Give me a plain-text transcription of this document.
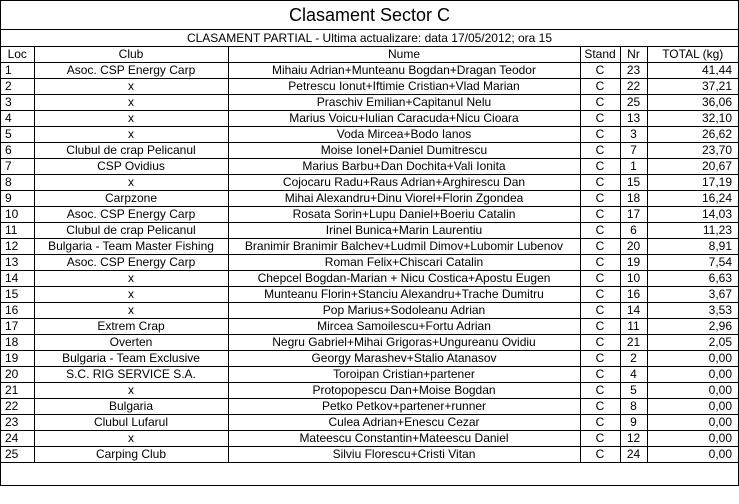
Clasament Sector C
CLASAMENT PARTIAL - Ultima actualizare: data 17/05/2012; ora 15
Loc	Club	Nume	Stand	Nr	TOTAL (kg)
1	Asoc. CSP Energy Carp	Mihaiu Adrian+Munteanu Bogdan+Dragan Teodor	C	23	41,44
2	x	Petrescu Ionut+Iftimie Cristian+Vlad Marian	C	22	37,21
3	x	Praschiv Emilian+Capitanul Nelu	C	25	36,06
4	x	Marius Voicu+Iulian Caracuda+Nicu Cioara	C	13	32,10
5	x	Voda Mircea+Bodo Ianos	C	3	26,62
6	Clubul de crap Pelicanul	Moise Ionel+Daniel Dumitrescu	C	7	23,70
7	CSP Ovidius	Marius Barbu+Dan Dochita+Vali Ionita	C	1	20,67
8	x	Cojocaru Radu+Raus Adrian+Arghirescu Dan	C	15	17,19
9	Carpzone	Mihai Alexandru+Dinu Viorel+Florin Zgondea	C	18	16,24
10	Asoc. CSP Energy Carp	Rosata Sorin+Lupu Daniel+Boeriu Catalin	C	17	14,03
11	Clubul de crap Pelicanul	Irinel Bunica+Marin Laurentiu	C	6	11,23
12	Bulgaria - Team Master Fishing	Branimir Branimir Balchev+Ludmil Dimov+Lubomir Lubenov	C	20	8,91
13	Asoc. CSP Energy Carp	Roman Felix+Chiscari Catalin	C	19	7,54
14	x	Chepcel Bogdan-Marian + Nicu Costica+Apostu Eugen	C	10	6,63
15	x	Munteanu Florin+Stanciu Alexandru+Trache Dumitru	C	16	3,67
16	x	Pop Marius+Sodoleanu Adrian	C	14	3,53
17	Extrem Crap	Mircea Samoilescu+Fortu Adrian	C	11	2,96
18	Overten	Negru Gabriel+Mihai Grigoras+Ungureanu Ovidiu	C	21	2,05
19	Bulgaria - Team Exclusive	Georgy Marashev+Stalio Atanasov	C	2	0,00
20	S.C. RIG SERVICE S.A.	Toroipan Cristian+partener	C	4	0,00
21	x	Protopopescu Dan+Moise Bogdan	C	5	0,00
22	Bulgaria	Petko Petkov+partener+runner	C	8	0,00
23	Clubul Lufarul	Culea Adrian+Enescu Cezar	C	9	0,00
24	x	Mateescu Constantin+Mateescu Daniel	C	12	0,00
25	Carping Club	Silviu Florescu+Cristi Vitan	C	24	0,00
